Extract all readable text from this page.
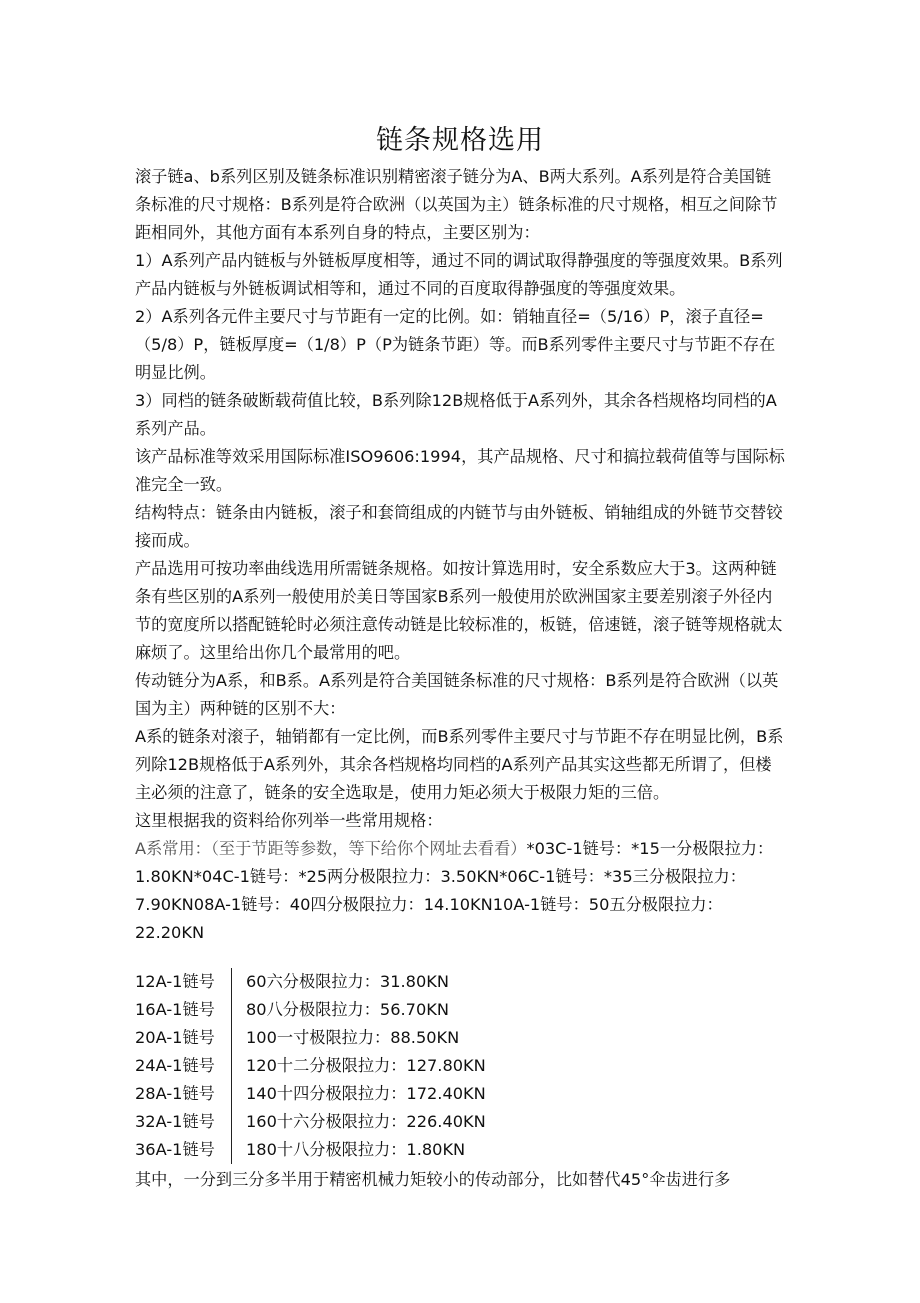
链条规格选用

滚子链a、b系列区别及链条标准识别精密滚子链分为A、B两大系列。A系列是符合美国链条标准的尺寸规格：B系列是符合欧洲（以英国为主）链条标准的尺寸规格，相互之间除节距相同外，其他方面有本系列自身的特点，主要区别为：

1）A系列产品内链板与外链板厚度相等，通过不同的调试取得静强度的等强度效果。B系列产品内链板与外链板调试相等和，通过不同的百度取得静强度的等强度效果。

2）A系列各元件主要尺寸与节距有一定的比例。如：销轴直径=（5/16）P，滚子直径=（5/8）P，链板厚度=（1/8）P（P为链条节距）等。而B系列零件主要尺寸与节距不存在明显比例。

3）同档的链条破断载荷值比较，B系列除12B规格低于A系列外，其余各档规格均同档的A系列产品。

该产品标准等效采用国际标准ISO9606:1994，其产品规格、尺寸和搞拉载荷值等与国际标准完全一致。

结构特点：链条由内链板，滚子和套筒组成的内链节与由外链板、销轴组成的外链节交替铰接而成。

产品选用可按功率曲线选用所需链条规格。如按计算选用时，安全系数应大于3。这两种链条有些区别的A系列一般使用於美日等国家B系列一般使用於欧洲国家主要差别滚子外径内节的宽度所以搭配链轮时必须注意传动链是比较标准的，板链，倍速链，滚子链等规格就太麻烦了。这里给出你几个最常用的吧。

传动链分为A系，和B系。A系列是符合美国链条标准的尺寸规格：B系列是符合欧洲（以英国为主）两种链的区别不大：

A系的链条对滚子，轴销都有一定比例，而B系列零件主要尺寸与节距不存在明显比例，B系列除12B规格低于A系列外，其余各档规格均同档的A系列产品其实这些都无所谓了，但楼主必须的注意了，链条的安全选取是，使用力矩必须大于极限力矩的三倍。

这里根据我的资料给你列举一些常用规格：

A系常用：（至于节距等参数，等下给你个网址去看看）*03C-1链号：*15一分极限拉力：1.80KN*04C-1链号：*25两分极限拉力：3.50KN*06C-1链号：*35三分极限拉力：7.90KN08A-1链号：40四分极限拉力：14.10KN10A-1链号：50五分极限拉力：22.20KN

12A-1链号	60六分极限拉力：31.80KN
16A-1链号	80八分极限拉力：56.70KN
20A-1链号	100一寸极限拉力：88.50KN
24A-1链号	120十二分极限拉力：127.80KN
28A-1链号	140十四分极限拉力：172.40KN
32A-1链号	160十六分极限拉力：226.40KN
36A-1链号	180十八分极限拉力：1.80KN
其中，一分到三分多半用于精密机械力矩较小的传动部分，比如替代45°伞齿进行多
